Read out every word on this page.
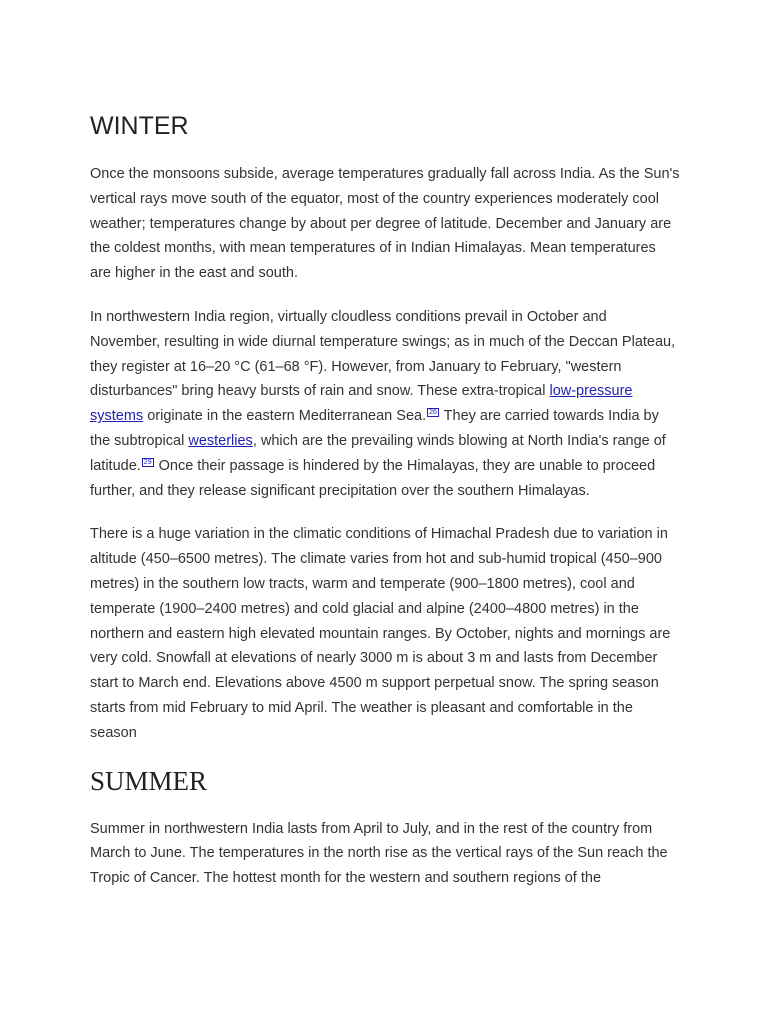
WINTER

Once the monsoons subside, average temperatures gradually fall across India. As the Sun's vertical rays move south of the equator, most of the country experiences moderately cool weather; temperatures change by about per degree of latitude. December and January are the coldest months, with mean temperatures of in Indian Himalayas. Mean temperatures are higher in the east and south.

In northwestern India region, virtually cloudless conditions prevail in October and November, resulting in wide diurnal temperature swings; as in much of the Deccan Plateau, they register at 16–20 °C (61–68 °F). However, from January to February, "western disturbances" bring heavy bursts of rain and snow. These extra-tropical low-pressure systems originate in the eastern Mediterranean Sea. $^{26}$ They are carried towards India by the subtropical westerlies, which are the prevailing winds blowing at North India's range of latitude. $^{29}$ Once their passage is hindered by the Himalayas, they are unable to proceed further, and they release significant precipitation over the southern Himalayas.

There is a huge variation in the climatic conditions of Himachal Pradesh due to variation in altitude (450–6500 metres). The climate varies from hot and sub-humid tropical (450–900 metres) in the southern low tracts, warm and temperate (900–1800 metres), cool and temperate (1900–2400 metres) and cold glacial and alpine (2400–4800 metres) in the northern and eastern high elevated mountain ranges. By October, nights and mornings are very cold. Snowfall at elevations of nearly 3000 m is about 3 m and lasts from December start to March end. Elevations above 4500 m support perpetual snow. The spring season starts from mid February to mid April. The weather is pleasant and comfortable in the season

SUMMER

Summer in northwestern India lasts from April to July, and in the rest of the country from March to June. The temperatures in the north rise as the vertical rays of the Sun reach the Tropic of Cancer. The hottest month for the western and southern regions of the
